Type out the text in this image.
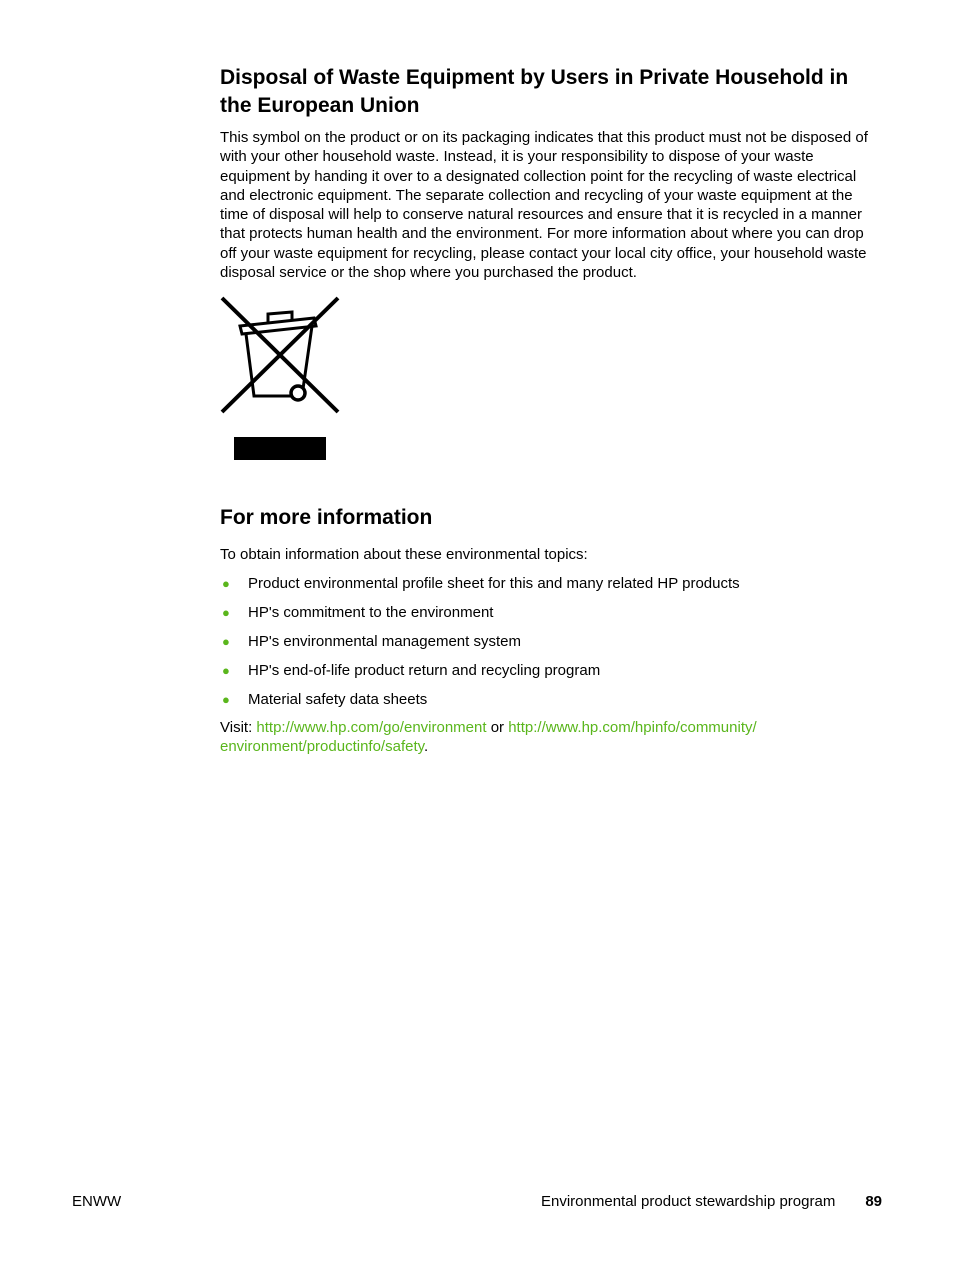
Disposal of Waste Equipment by Users in Private Household in the European Union

This symbol on the product or on its packaging indicates that this product must not be disposed of with your other household waste. Instead, it is your responsibility to dispose of your waste equipment by handing it over to a designated collection point for the recycling of waste electrical and electronic equipment. The separate collection and recycling of your waste equipment at the time of disposal will help to conserve natural resources and ensure that it is recycled in a manner that protects human health and the environment. For more information about where you can drop off your waste equipment for recycling, please contact your local city office, your household waste disposal service or the shop where you purchased the product.

For more information

To obtain information about these environmental topics:

● Product environmental profile sheet for this and many related HP products
● HP's commitment to the environment
● HP's environmental management system
● HP's end-of-life product return and recycling program
● Material safety data sheets

Visit: http://www.hp.com/go/environment or http://www.hp.com/hpinfo/community/ environment/productinfo/safety.

ENWW	Environmental product stewardship program 89
